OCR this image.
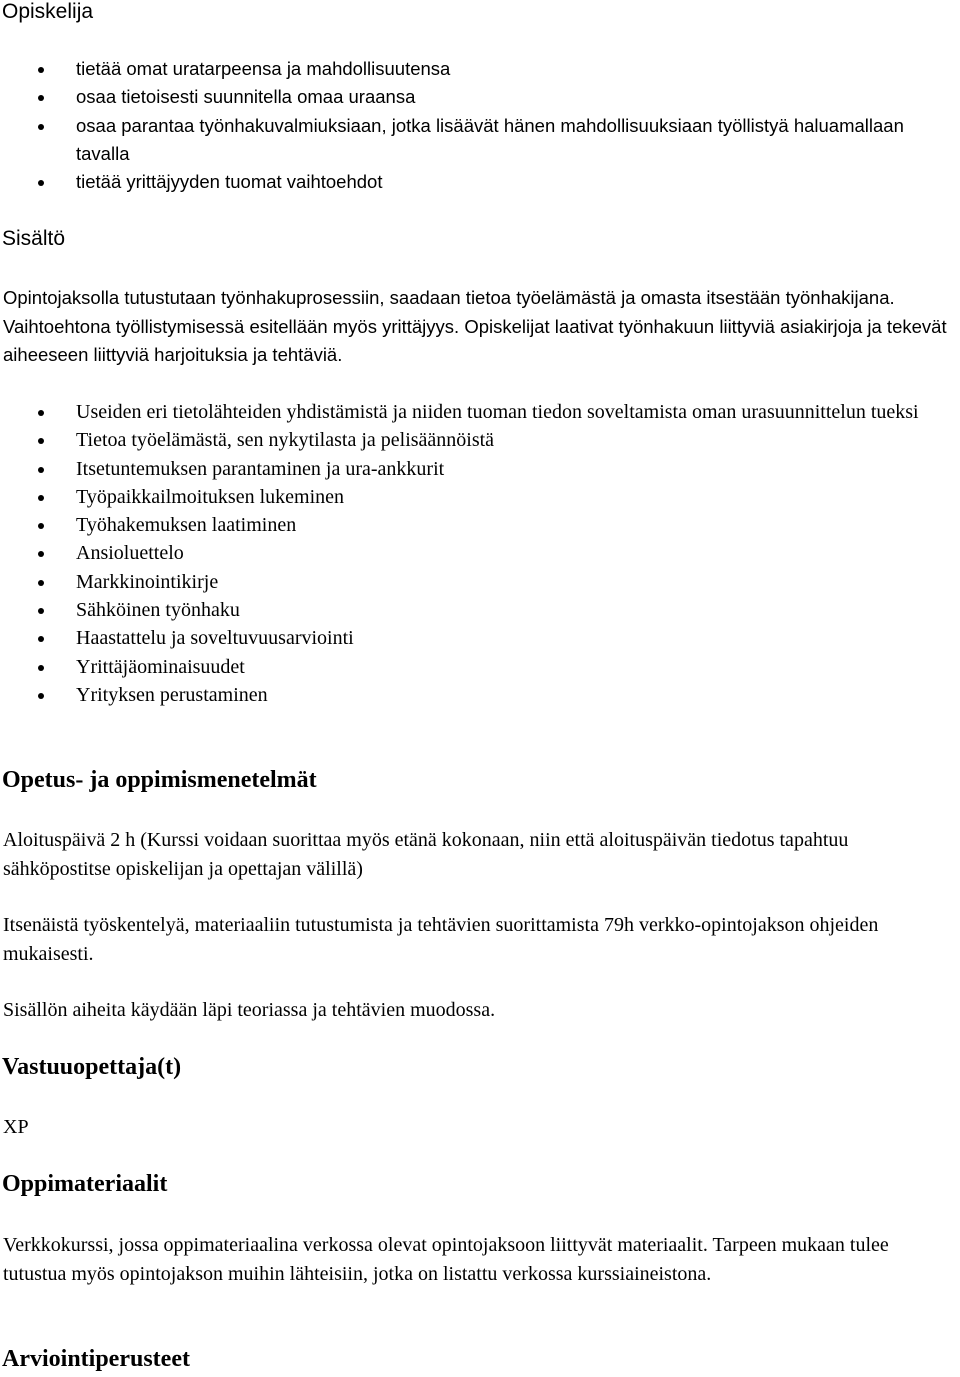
Opiskelija
tietää omat uratarpeensa ja mahdollisuutensa
osaa tietoisesti suunnitella omaa uraansa
osaa parantaa työnhakuvalmiuksiaan, jotka lisäävät hänen mahdollisuuksiaan työllistyä haluamallaan tavalla
tietää yrittäjyyden tuomat vaihtoehdot
Sisältö

Opintojaksolla tutustutaan työnhakuprosessiin, saadaan tietoa työelämästä ja omasta itsestään työnhakijana. Vaihtoehtona työllistymisessä esitellään myös yrittäjyys. Opiskelijat laativat työnhakuun liittyviä asiakirjoja ja tekevät aiheeseen liittyviä harjoituksia ja tehtäviä.

Useiden eri tietolähteiden yhdistämistä ja niiden tuoman tiedon soveltamista oman urasuunnittelun tueksi
Tietoa työelämästä, sen nykytilasta ja pelisäännöistä
Itsetuntemuksen parantaminen ja ura-ankkurit
Työpaikkailmoituksen lukeminen
Työhakemuksen laatiminen
Ansioluettelo
Markkinointikirje
Sähköinen työnhaku
Haastattelu ja soveltuvuusarviointi
Yrittäjäominaisuudet
Yrityksen perustaminen
Opetus- ja oppimismenetelmät

Aloituspäivä 2 h (Kurssi voidaan suorittaa myös etänä kokonaan, niin että aloituspäivän tiedotus tapahtuu sähköpostitse opiskelijan ja opettajan välillä)

Itsenäistä työskentelyä, materiaaliin tutustumista ja tehtävien suorittamista 79h verkko-opintojakson ohjeiden mukaisesti.

Sisällön aiheita käydään läpi teoriassa ja tehtävien muodossa.

Vastuuopettaja(t)

XP

Oppimateriaalit

Verkkokurssi, jossa oppimateriaalina verkossa olevat opintojaksoon liittyvät materiaalit. Tarpeen mukaan tulee tutustua myös opintojakson muihin lähteisiin, jotka on listattu verkossa kurssiaineistona.

Arviointiperusteet
